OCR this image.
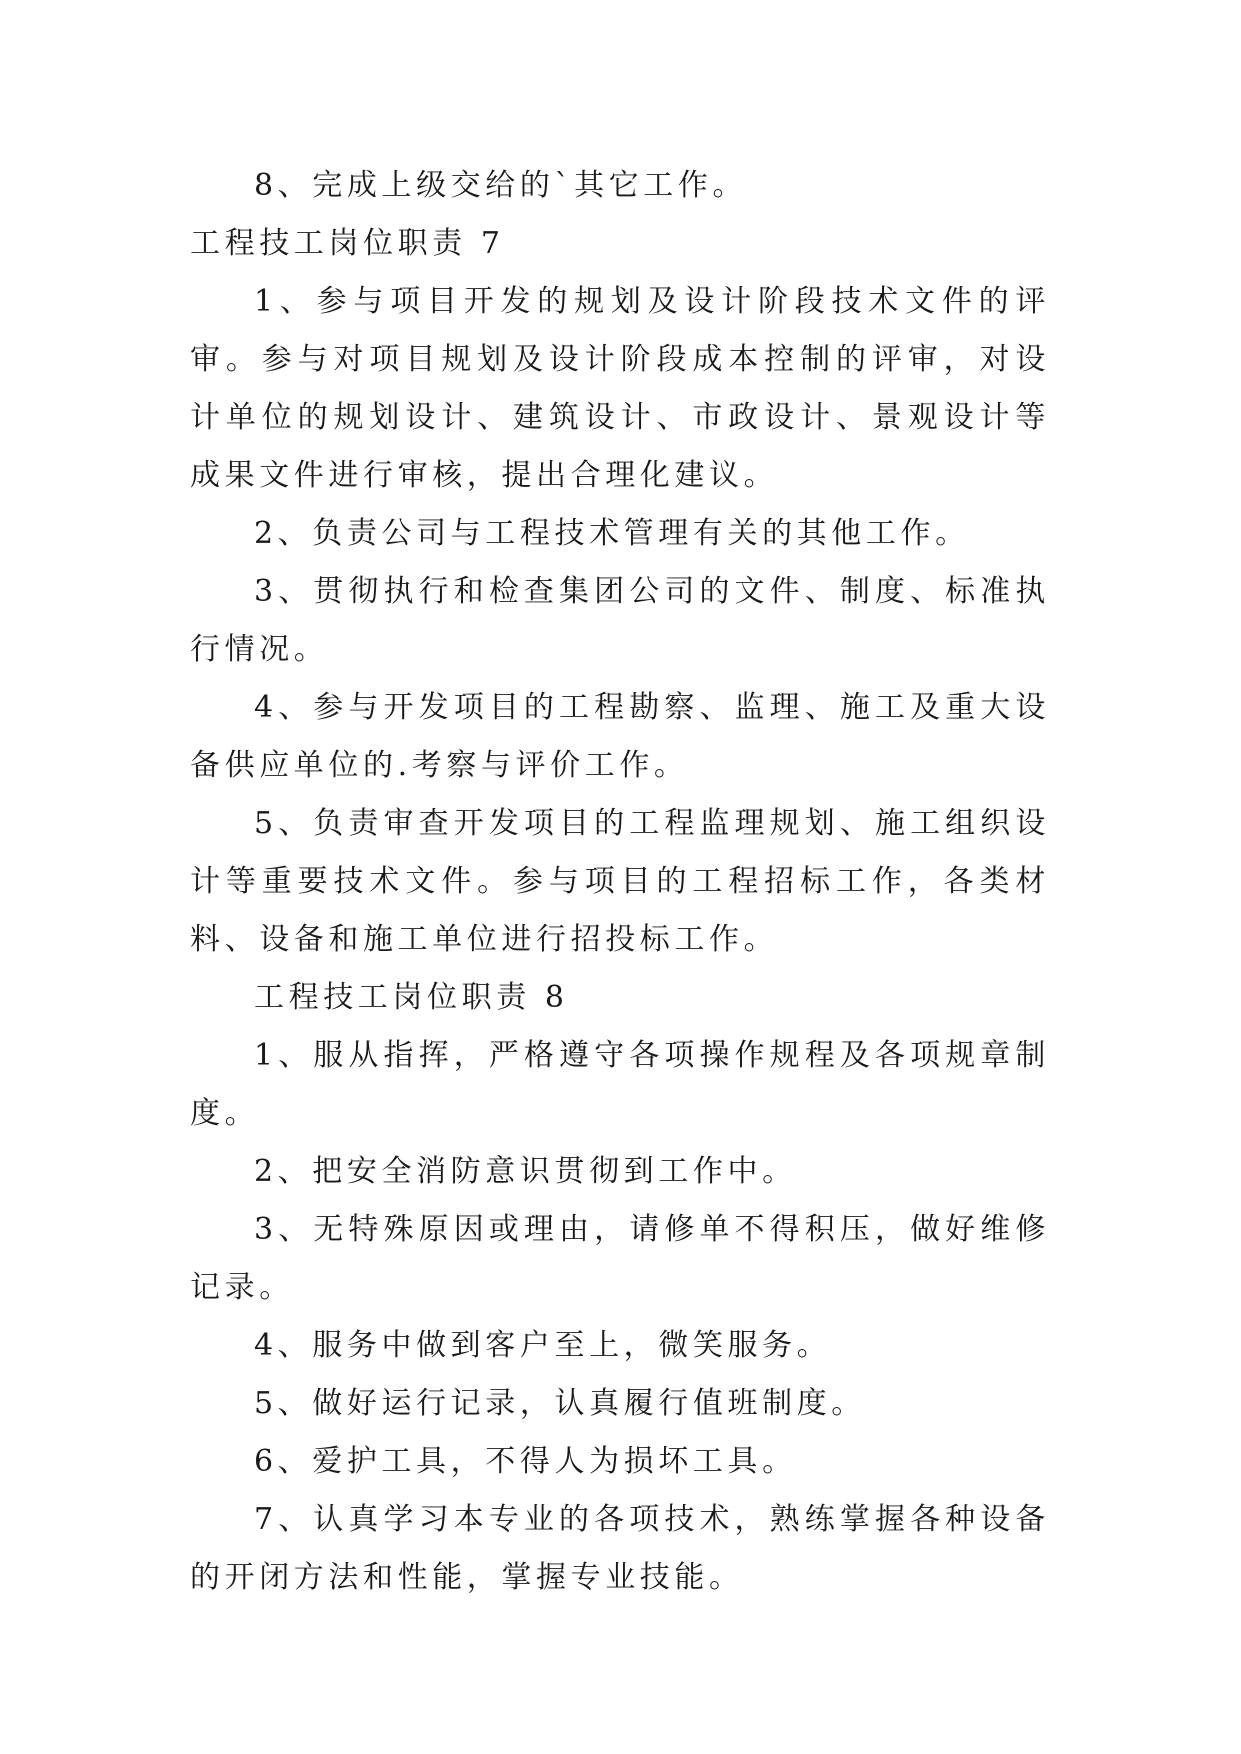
8、完成上级交给的`其它工作。

工程技工岗位职责 7

1、参与项目开发的规划及设计阶段技术文件的评审。参与对项目规划及设计阶段成本控制的评审，对设计单位的规划设计、建筑设计、市政设计、景观设计等成果文件进行审核，提出合理化建议。

2、负责公司与工程技术管理有关的其他工作。

3、贯彻执行和检查集团公司的文件、制度、标准执行情况。

4、参与开发项目的工程勘察、监理、施工及重大设备供应单位的.考察与评价工作。

5、负责审查开发项目的工程监理规划、施工组织设计等重要技术文件。参与项目的工程招标工作，各类材料、设备和施工单位进行招投标工作。

工程技工岗位职责 8

1、服从指挥，严格遵守各项操作规程及各项规章制度。

2、把安全消防意识贯彻到工作中。

3、无特殊原因或理由，请修单不得积压，做好维修记录。

4、服务中做到客户至上，微笑服务。

5、做好运行记录，认真履行值班制度。

6、爱护工具，不得人为损坏工具。

7、认真学习本专业的各项技术，熟练掌握各种设备的开闭方法和性能，掌握专业技能。
